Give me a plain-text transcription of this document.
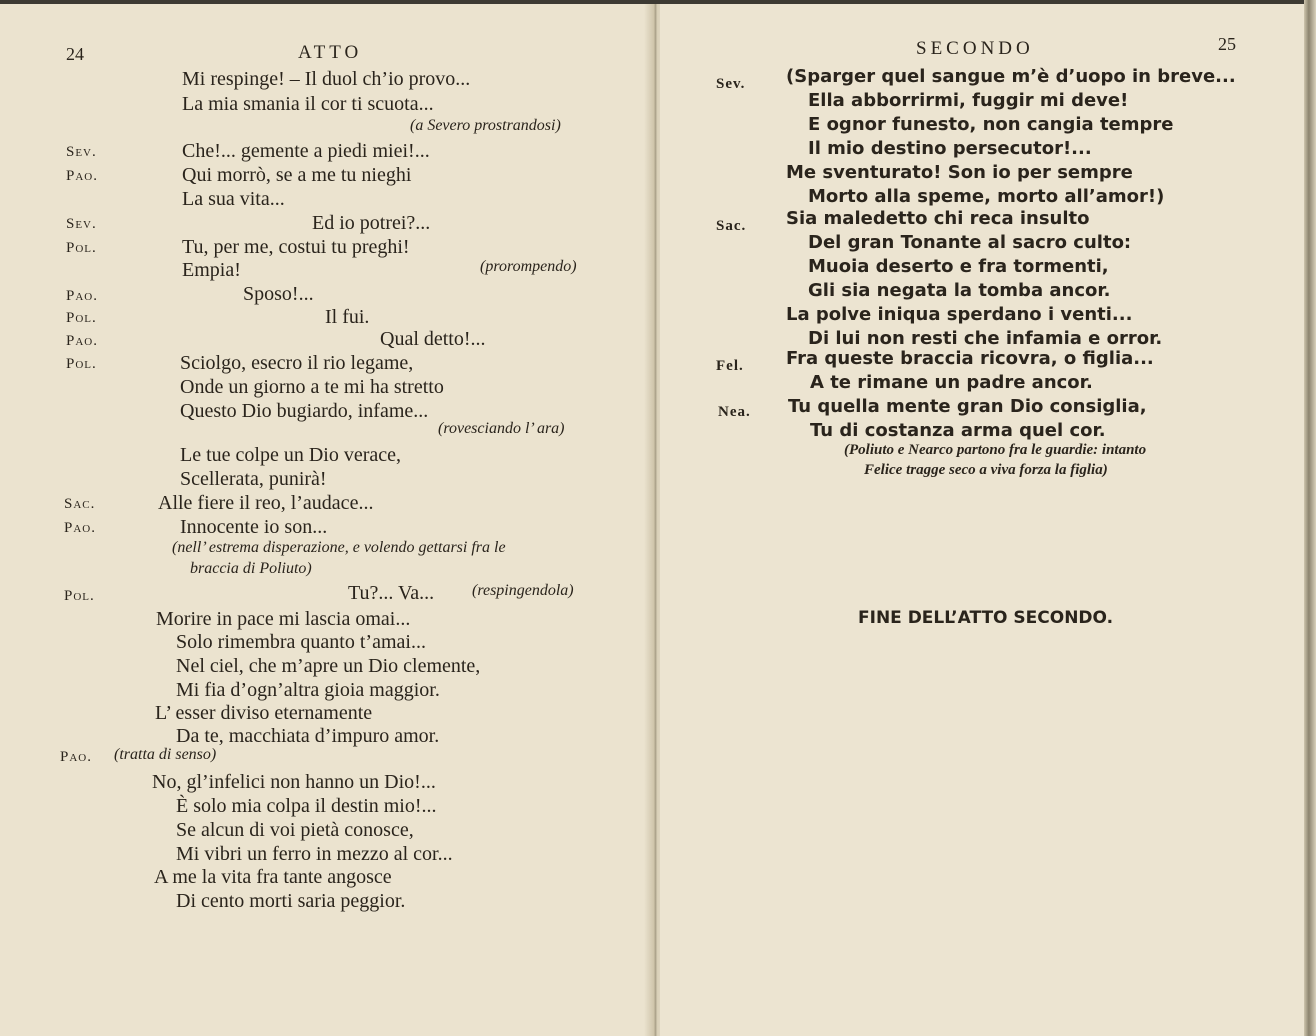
24	ATTO
Mi respinge! – Il duol ch’io provo...
La mia smania il cor ti scuota...
(a Severo prostrandosi)
Sev.	Che!... gemente a piedi miei!...
Pao.	Qui morrò, se a me tu nieghi
La sua vita...
Sev.	Ed io potrei?...
Pol.	Tu, per me, costui tu preghi!
Empia!	(prorompendo)
Pao.	Sposo!...
Pol.	Il fui.
Pao.	Qual detto!...
Pol.	Sciolgo, esecro il rio legame,
Onde un giorno a te mi ha stretto
Questo Dio bugiardo, infame...
(rovesciando l’ ara)
Le tue colpe un Dio verace,
Scellerata, punirà!
Sac.	Alle fiere il reo, l’audace...
Pao.	Innocente io son...
(nell’ estrema disperazione, e volendo gettarsi fra le
braccia di Poliuto)
Pol.	Tu?... Va... (respingendola)
Morire in pace mi lascia omai...
Solo rimembra quanto t’amai...
Nel ciel, che m’apre un Dio clemente,
Mi fia d’ogn’altra gioia maggior.
L’ esser diviso eternamente
Da te, macchiata d’impuro amor.
Pao. (tratta di senso)
No, gl’infelici non hanno un Dio!...
È solo mia colpa il destin mio!...
Se alcun di voi pietà conosce,
Mi vibri un ferro in mezzo al cor...
A me la vita fra tante angosce
Di cento morti saria peggior.
SECONDO	25
Sev. (Sparger quel sangue m’è d’uopo in breve...
Ella abborrirmi, fuggir mi deve!
E ognor funesto, non cangia tempre
Il mio destino persecutor!...
Me sventurato! Son io per sempre
Morto alla speme, morto all’amor!)
Sac. Sia maledetto chi reca insulto
Del gran Tonante al sacro culto:
Muoia deserto e fra tormenti,
Gli sia negata la tomba ancor.
La polve iniqua sperdano i venti...
Di lui non resti che infamia e orror.
Fel. Fra queste braccia ricovra, o figlia...
A te rimane un padre ancor.
Nea. Tu quella mente gran Dio consiglia,
Tu di costanza arma quel cor.
(Poliuto e Nearco partono fra le guardie: intanto
Felice tragge seco a viva forza la figlia)
FINE DELL’ATTO SECONDO.
